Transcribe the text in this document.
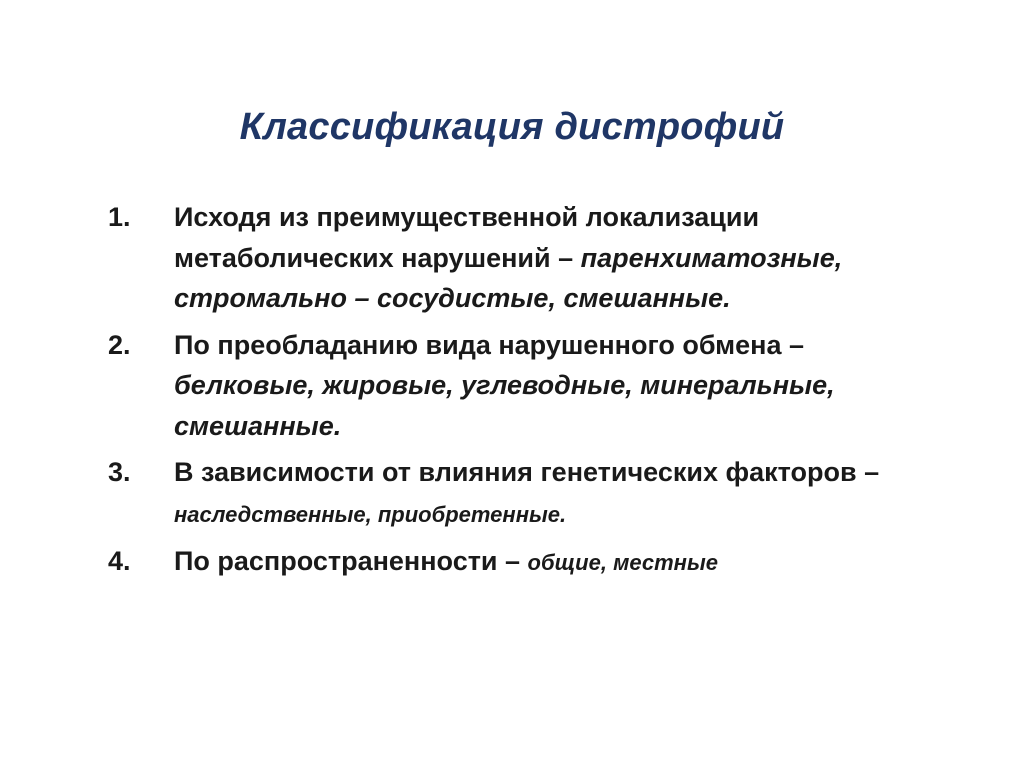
Классификация дистрофий
1. Исходя из преимущественной локализации метаболических нарушений – паренхиматозные, стромально – сосудистые, смешанные.
2. По преобладанию вида нарушенного обмена – белковые, жировые, углеводные, минеральные, смешанные.
3. В зависимости от влияния генетических факторов – наследственные, приобретенные.
4. По распространенности – общие, местные
